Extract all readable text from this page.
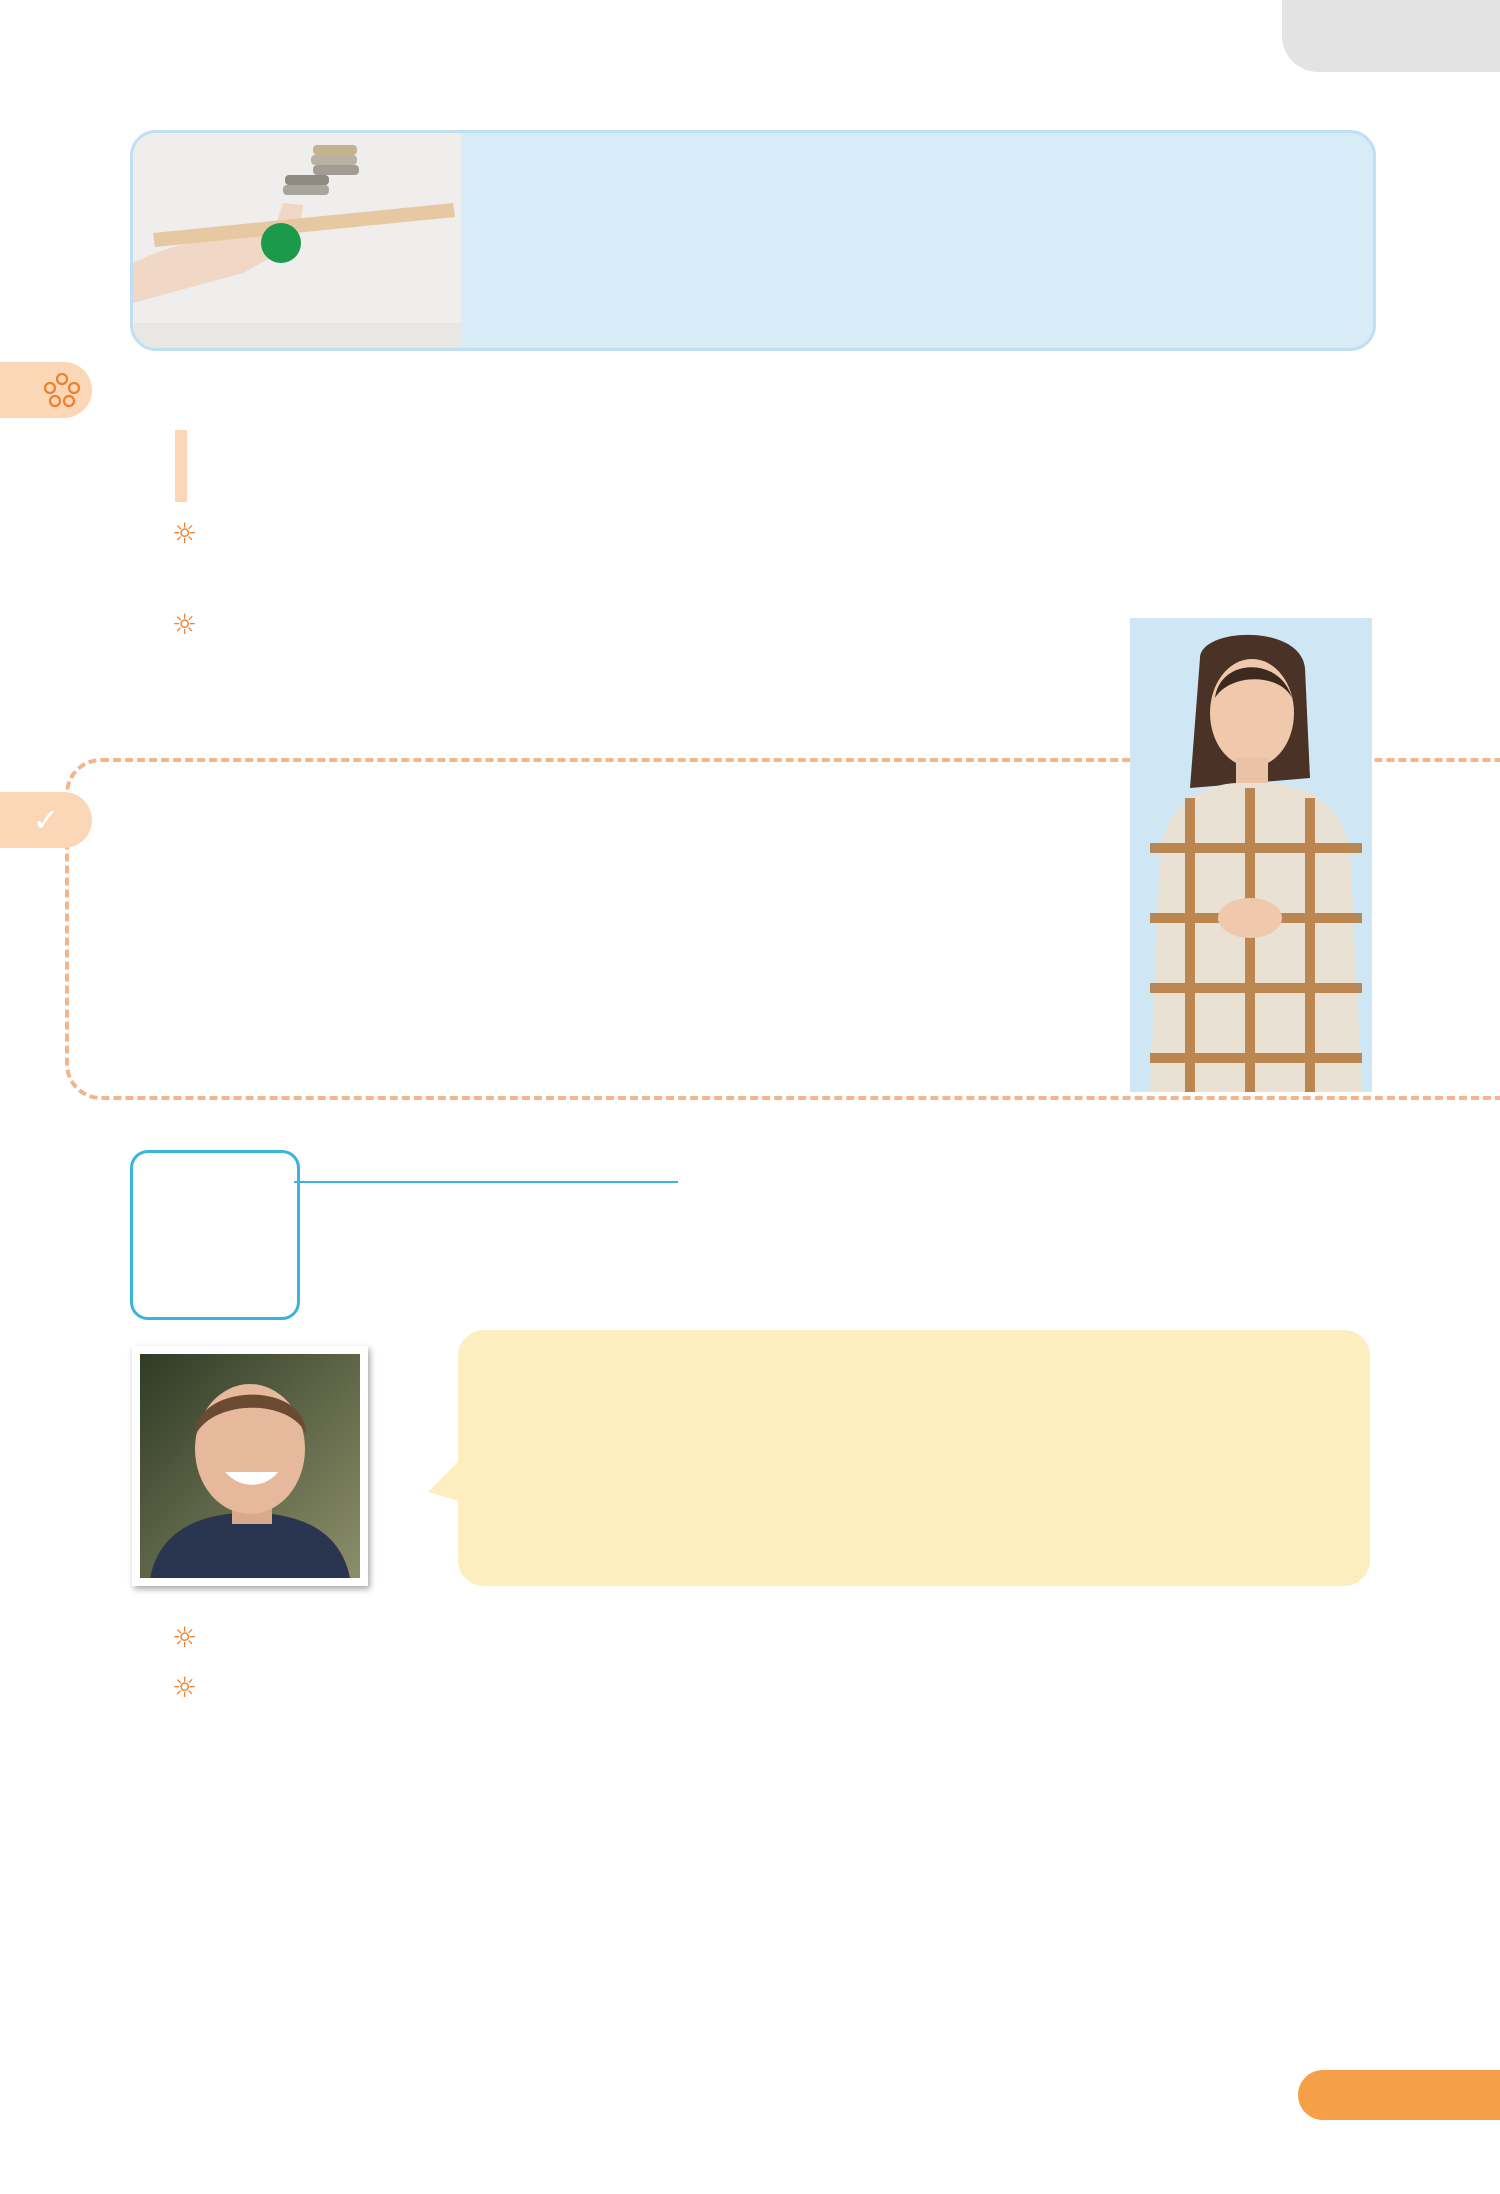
☼
☼
✓
☼
☼
